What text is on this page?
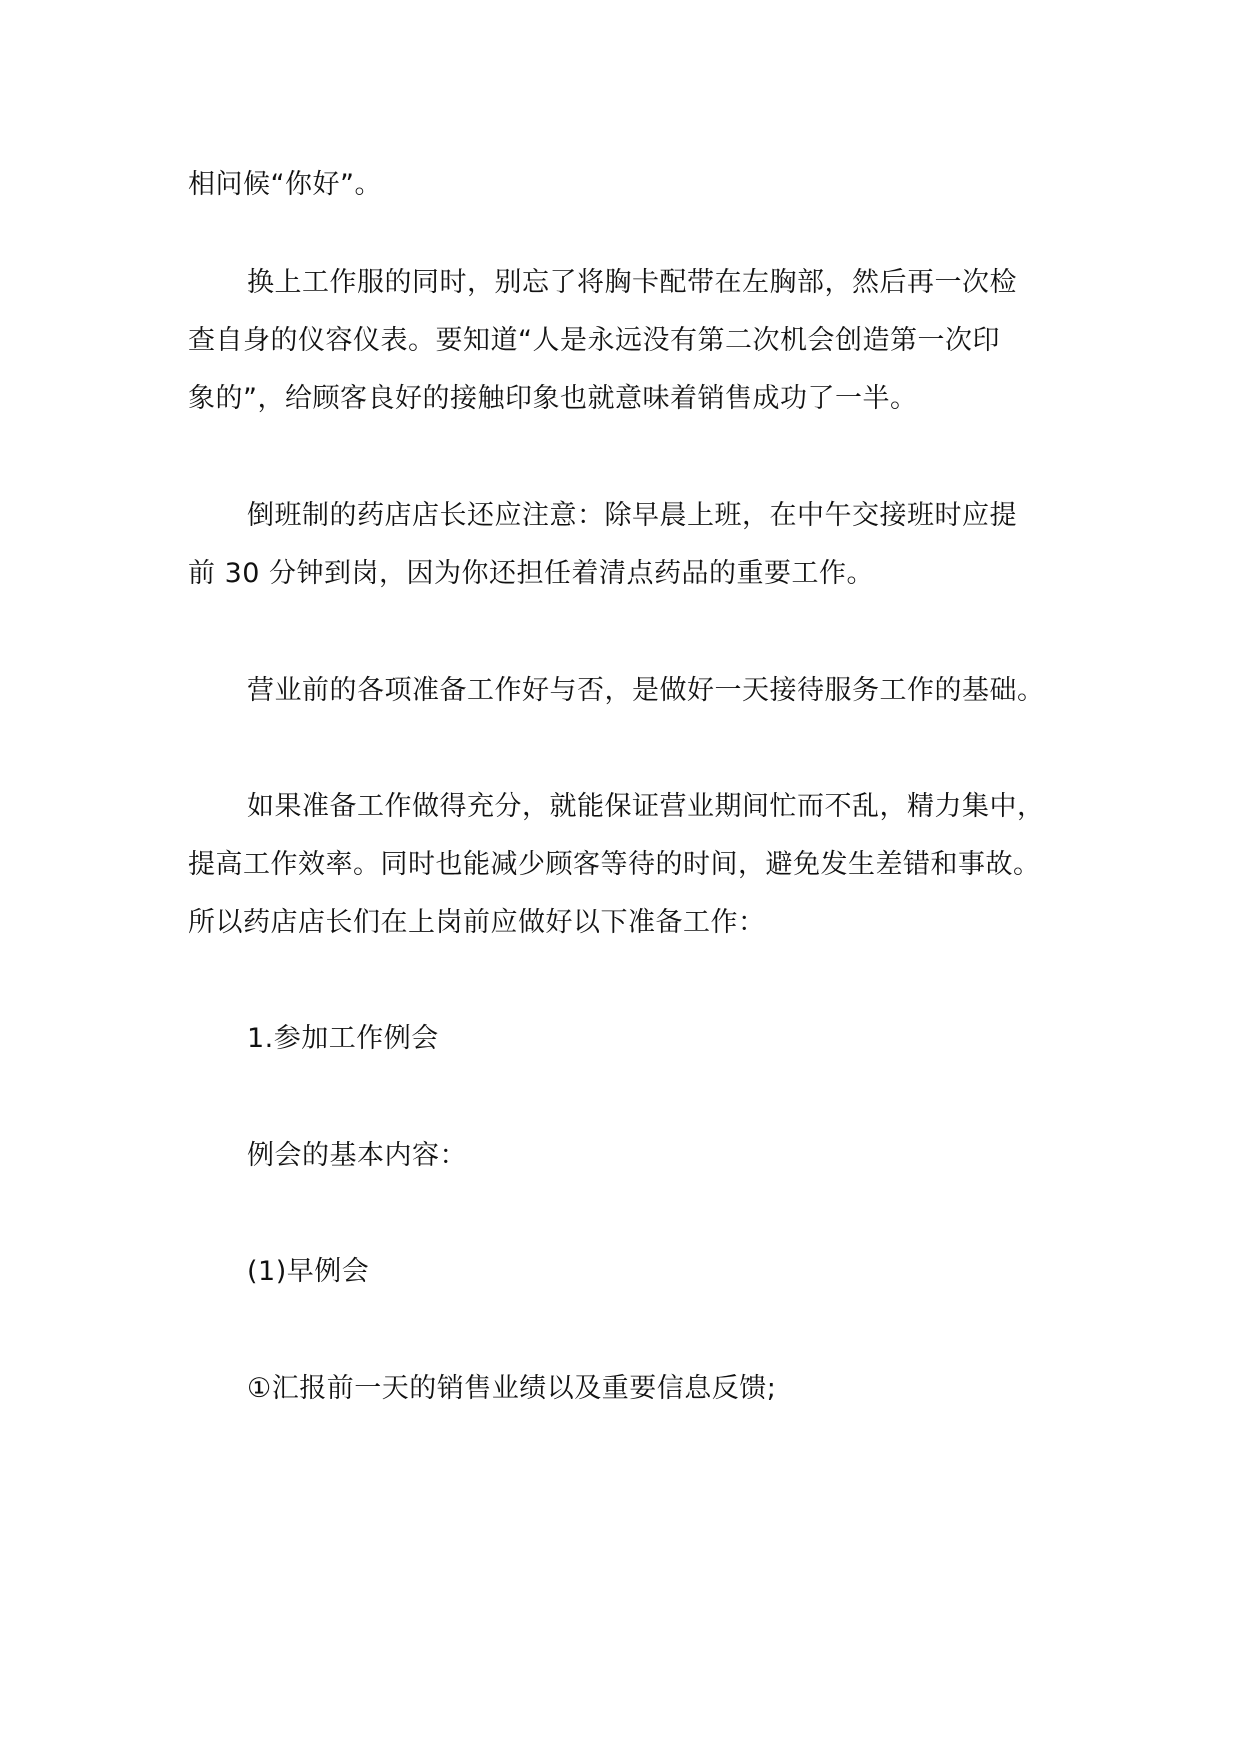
相问候“你好”。
换上工作服的同时，别忘了将胸卡配带在左胸部，然后再一次检
查自身的仪容仪表。要知道“人是永远没有第二次机会创造第一次印
象的”，给顾客良好的接触印象也就意味着销售成功了一半。
倒班制的药店店长还应注意：除早晨上班，在中午交接班时应提
前 30 分钟到岗，因为你还担任着清点药品的重要工作。
营业前的各项准备工作好与否，是做好一天接待服务工作的基础。
如果准备工作做得充分，就能保证营业期间忙而不乱，精力集中，
提高工作效率。同时也能减少顾客等待的时间，避免发生差错和事故。
所以药店店长们在上岗前应做好以下准备工作：
1.参加工作例会
例会的基本内容：
(1)早例会
①汇报前一天的销售业绩以及重要信息反馈;
